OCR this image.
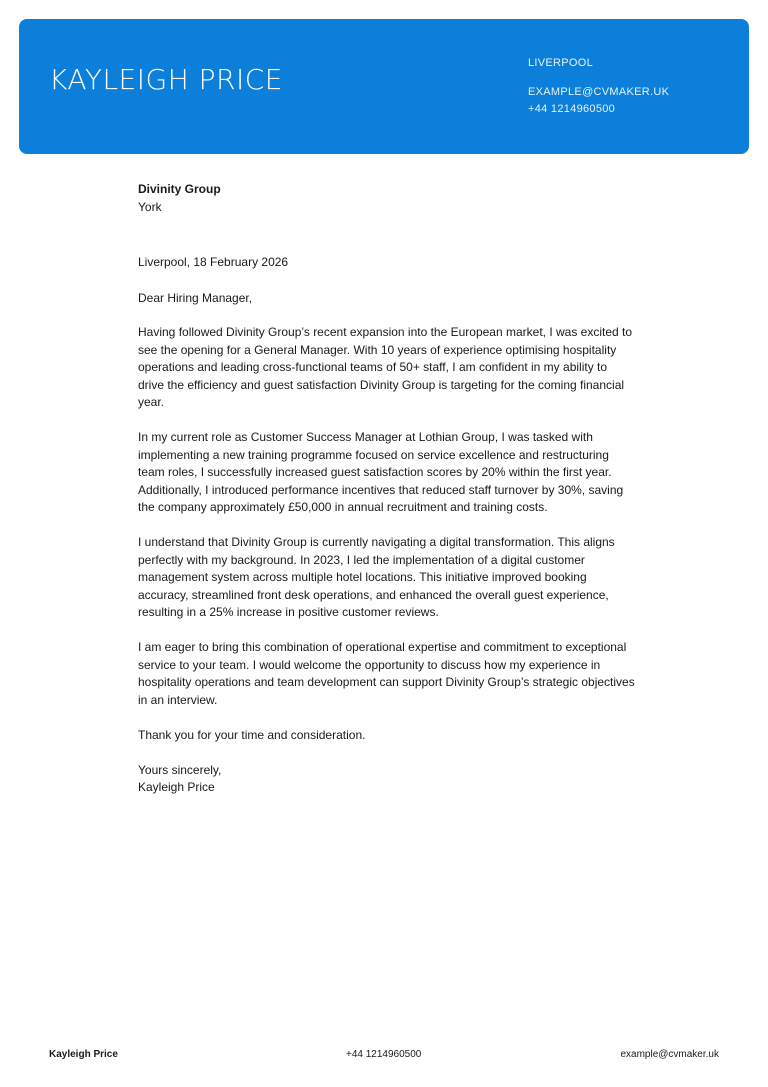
KAYLEIGH PRICE	LIVERPOOL
EXAMPLE@CVMAKER.UK
+44 1214960500
Divinity Group
York
Liverpool, 18 February 2026
Dear Hiring Manager,

Having followed Divinity Group’s recent expansion into the European market, I was excited to see the opening for a General Manager. With 10 years of experience optimising hospitality operations and leading cross-functional teams of 50+ staff, I am confident in my ability to drive the efficiency and guest satisfaction Divinity Group is targeting for the coming financial year.

In my current role as Customer Success Manager at Lothian Group, I was tasked with implementing a new training programme focused on service excellence and restructuring team roles, I successfully increased guest satisfaction scores by 20% within the first year. Additionally, I introduced performance incentives that reduced staff turnover by 30%, saving the company approximately £50,000 in annual recruitment and training costs.

I understand that Divinity Group is currently navigating a digital transformation. This aligns perfectly with my background. In 2023, I led the implementation of a digital customer management system across multiple hotel locations. This initiative improved booking accuracy, streamlined front desk operations, and enhanced the overall guest experience, resulting in a 25% increase in positive customer reviews.

I am eager to bring this combination of operational expertise and commitment to exceptional service to your team. I would welcome the opportunity to discuss how my experience in hospitality operations and team development can support Divinity Group’s strategic objectives in an interview.

Thank you for your time and consideration.

Yours sincerely,
Kayleigh Price
Kayleigh Price	+44 1214960500	example@cvmaker.uk
